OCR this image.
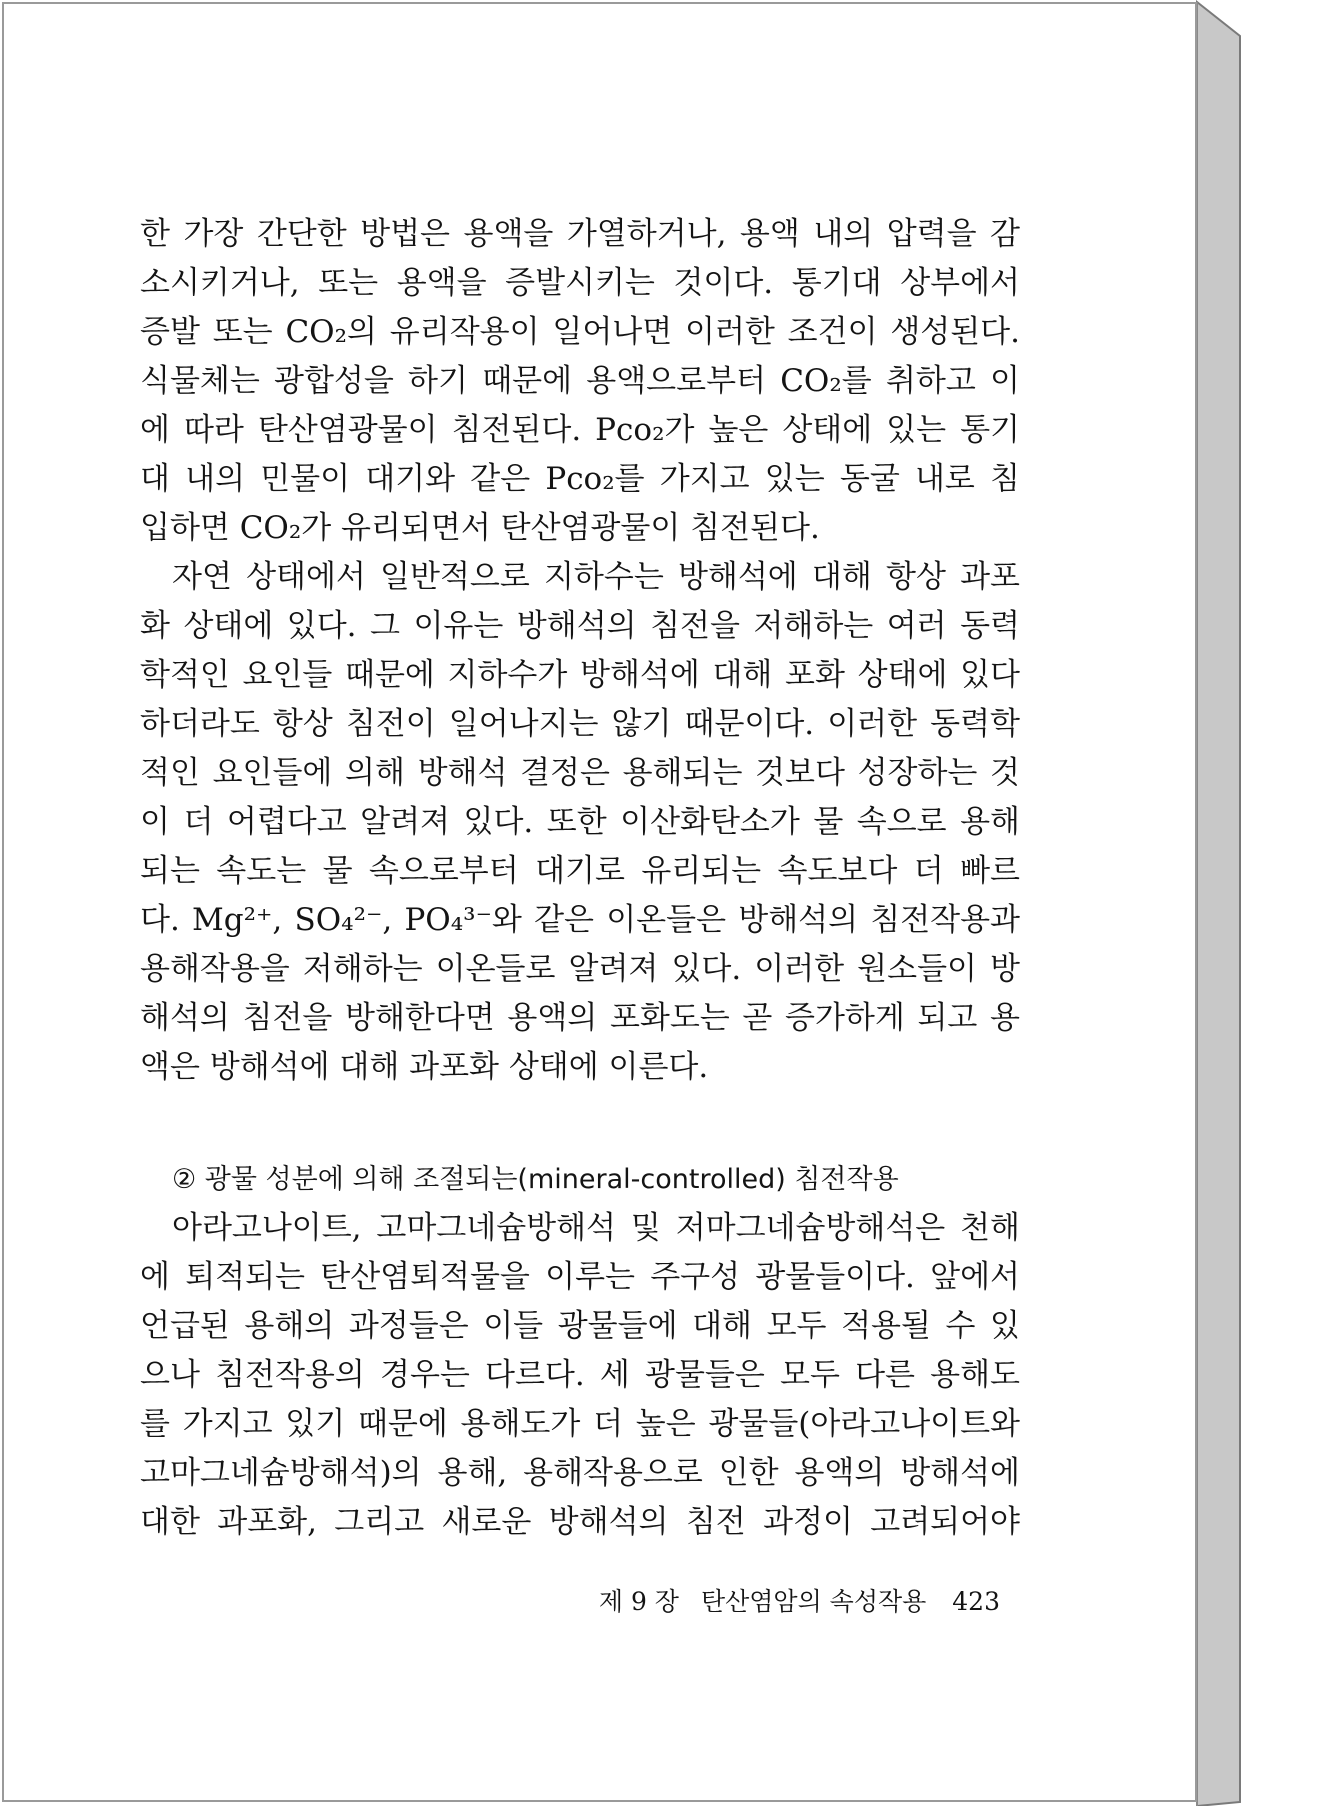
한 가장 간단한 방법은 용액을 가열하거나, 용액 내의 압력을 감
소시키거나, 또는 용액을 증발시키는 것이다. 통기대 상부에서
증발 또는 CO₂의 유리작용이 일어나면 이러한 조건이 생성된다.
식물체는 광합성을 하기 때문에 용액으로부터 CO₂를 취하고 이
에 따라 탄산염광물이 침전된다. Pco₂가 높은 상태에 있는 통기
대 내의 민물이 대기와 같은 Pco₂를 가지고 있는 동굴 내로 침
입하면 CO₂가 유리되면서 탄산염광물이 침전된다.
자연 상태에서 일반적으로 지하수는 방해석에 대해 항상 과포
화 상태에 있다. 그 이유는 방해석의 침전을 저해하는 여러 동력
학적인 요인들 때문에 지하수가 방해석에 대해 포화 상태에 있다
하더라도 항상 침전이 일어나지는 않기 때문이다. 이러한 동력학
적인 요인들에 의해 방해석 결정은 용해되는 것보다 성장하는 것
이 더 어렵다고 알려져 있다. 또한 이산화탄소가 물 속으로 용해
되는 속도는 물 속으로부터 대기로 유리되는 속도보다 더 빠르
다. Mg²⁺, SO₄²⁻, PO₄³⁻와 같은 이온들은 방해석의 침전작용과
용해작용을 저해하는 이온들로 알려져 있다. 이러한 원소들이 방
해석의 침전을 방해한다면 용액의 포화도는 곧 증가하게 되고 용
액은 방해석에 대해 과포화 상태에 이른다.
② 광물 성분에 의해 조절되는(mineral-controlled) 침전작용
아라고나이트, 고마그네슘방해석 및 저마그네슘방해석은 천해
에 퇴적되는 탄산염퇴적물을 이루는 주구성 광물들이다. 앞에서
언급된 용해의 과정들은 이들 광물들에 대해 모두 적용될 수 있
으나 침전작용의 경우는 다르다. 세 광물들은 모두 다른 용해도
를 가지고 있기 때문에 용해도가 더 높은 광물들(아라고나이트와
고마그네슘방해석)의 용해, 용해작용으로 인한 용액의 방해석에
대한 과포화, 그리고 새로운 방해석의 침전 과정이 고려되어야
제 9 장 탄산염암의 속성작용 423
